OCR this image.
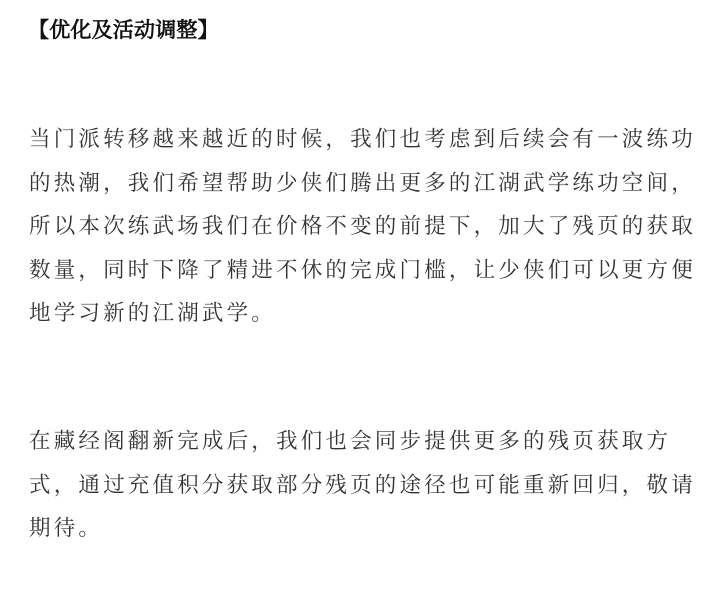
【优化及活动调整】

当门派转移越来越近的时候，我们也考虑到后续会有一波练功
的热潮，我们希望帮助少侠们腾出更多的江湖武学练功空间，
所以本次练武场我们在价格不变的前提下，加大了残页的获取
数量，同时下降了精进不休的完成门槛，让少侠们可以更方便
地学习新的江湖武学。

在藏经阁翻新完成后，我们也会同步提供更多的残页获取方
式，通过充值积分获取部分残页的途径也可能重新回归，敬请
期待。
